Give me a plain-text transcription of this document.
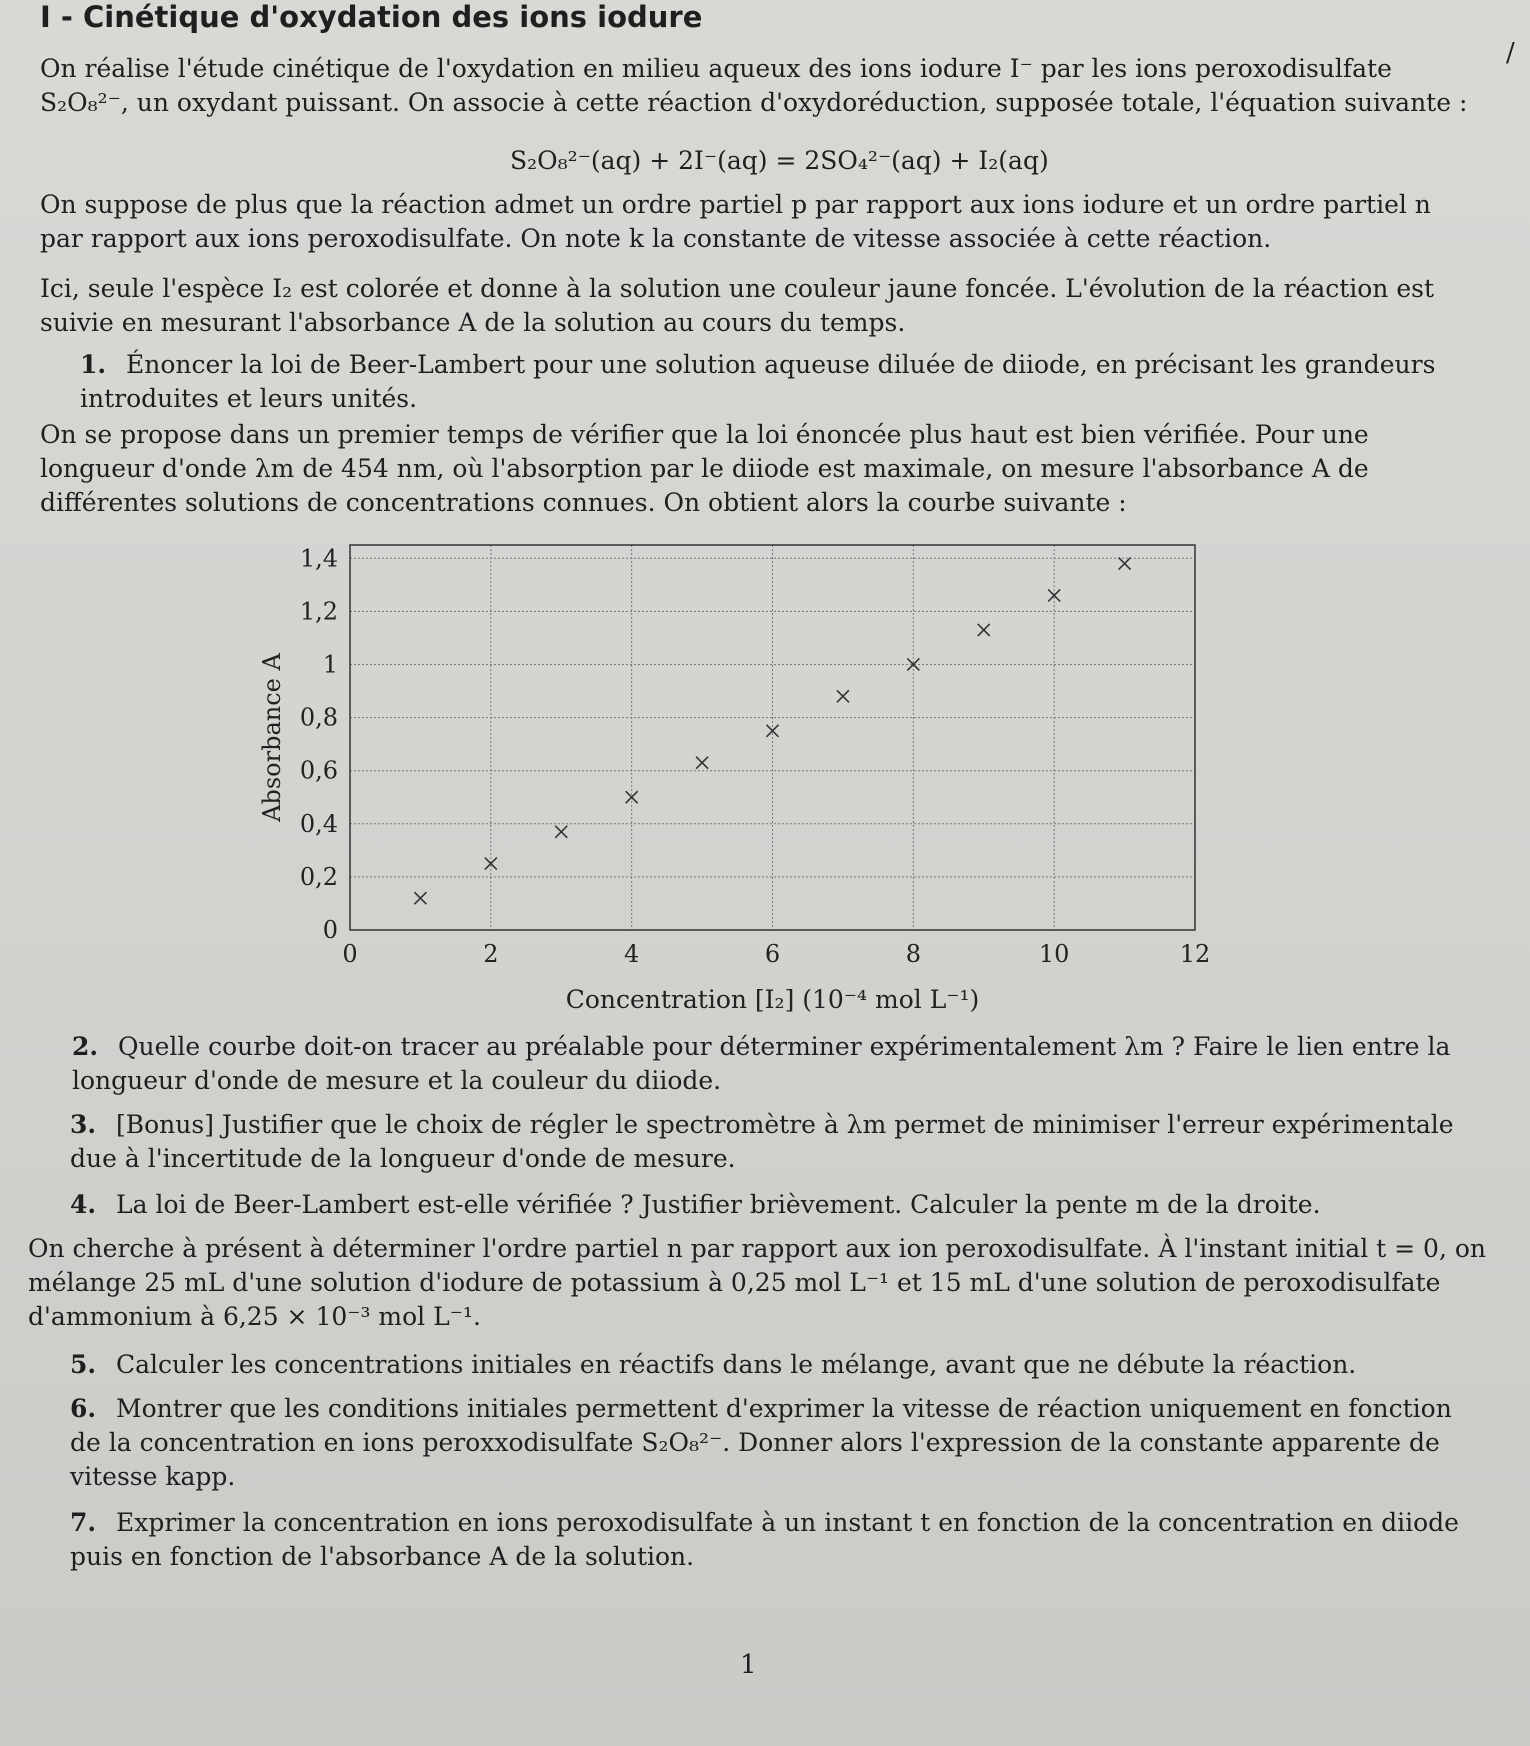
I - Cinétique d'oxydation des ions iodure
/
On réalise l'étude cinétique de l'oxydation en milieu aqueux des ions iodure I⁻ par les ions peroxodisulfate S₂O₈²⁻, un oxydant puissant. On associe à cette réaction d'oxydoréduction, supposée totale, l'équation suivante :
S₂O₈²⁻(aq) + 2I⁻(aq) = 2SO₄²⁻(aq) + I₂(aq)
On suppose de plus que la réaction admet un ordre partiel p par rapport aux ions iodure et un ordre partiel n par rapport aux ions peroxodisulfate. On note k la constante de vitesse associée à cette réaction.
Ici, seule l'espèce I₂ est colorée et donne à la solution une couleur jaune foncée. L'évolution de la réaction est suivie en mesurant l'absorbance A de la solution au cours du temps.
1. Énoncer la loi de Beer-Lambert pour une solution aqueuse diluée de diiode, en précisant les grandeurs introduites et leurs unités.
On se propose dans un premier temps de vérifier que la loi énoncée plus haut est bien vérifiée. Pour une longueur d'onde λm de 454 nm, où l'absorption par le diiode est maximale, on mesure l'absorbance A de différentes solutions de concentrations connues. On obtient alors la courbe suivante :
0
0,2
0,4
0,6
0,8
1
1,2
1,4
0	2	4	6	8	10	12
Absorbance A
Concentration [I₂] (10⁻⁴ mol L⁻¹)
2. Quelle courbe doit-on tracer au préalable pour déterminer expérimentalement λm ? Faire le lien entre la longueur d'onde de mesure et la couleur du diiode.
3. [Bonus] Justifier que le choix de régler le spectromètre à λm permet de minimiser l'erreur expérimentale due à l'incertitude de la longueur d'onde de mesure.
4. La loi de Beer-Lambert est-elle vérifiée ? Justifier brièvement. Calculer la pente m de la droite.
On cherche à présent à déterminer l'ordre partiel n par rapport aux ion peroxodisulfate. À l'instant initial t = 0, on mélange 25 mL d'une solution d'iodure de potassium à 0,25 mol L⁻¹ et 15 mL d'une solution de peroxodisulfate d'ammonium à 6,25 × 10⁻³ mol L⁻¹.
5. Calculer les concentrations initiales en réactifs dans le mélange, avant que ne débute la réaction.
6. Montrer que les conditions initiales permettent d'exprimer la vitesse de réaction uniquement en fonction de la concentration en ions peroxxodisulfate S₂O₈²⁻. Donner alors l'expression de la constante apparente de vitesse kapp.
7. Exprimer la concentration en ions peroxodisulfate à un instant t en fonction de la concentration en diiode puis en fonction de l'absorbance A de la solution.
1
